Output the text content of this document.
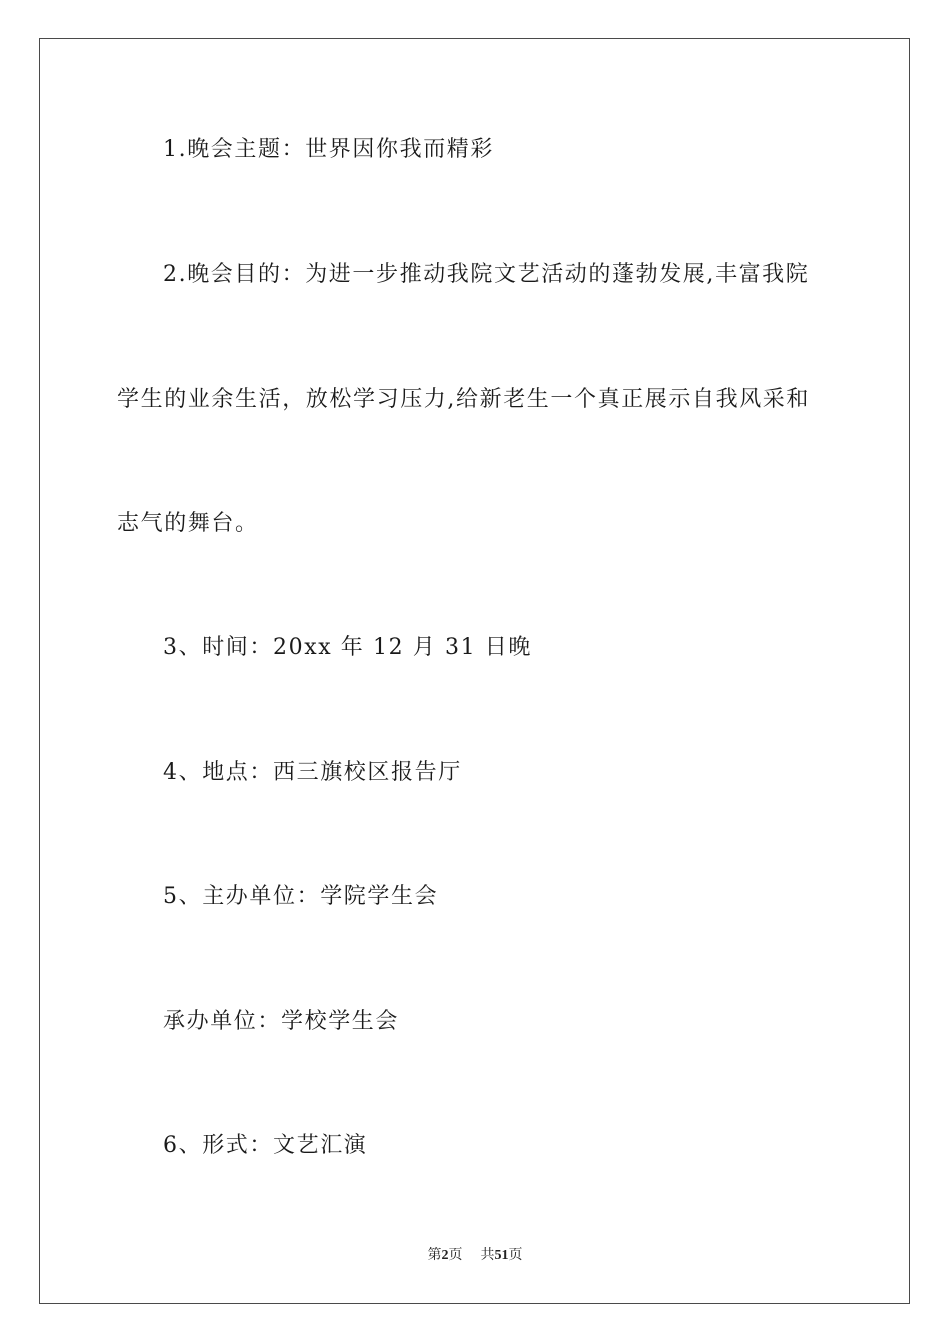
1.晚会主题：世界因你我而精彩
2.晚会目的：为进一步推动我院文艺活动的蓬勃发展,丰富我院
学生的业余生活，放松学习压力,给新老生一个真正展示自我风采和
志气的舞台。
3、时间：20xx 年 12 月 31 日晚
4、地点：西三旗校区报告厅
5、主办单位：学院学生会
承办单位：学校学生会
6、形式：文艺汇演
第2页 共51页
